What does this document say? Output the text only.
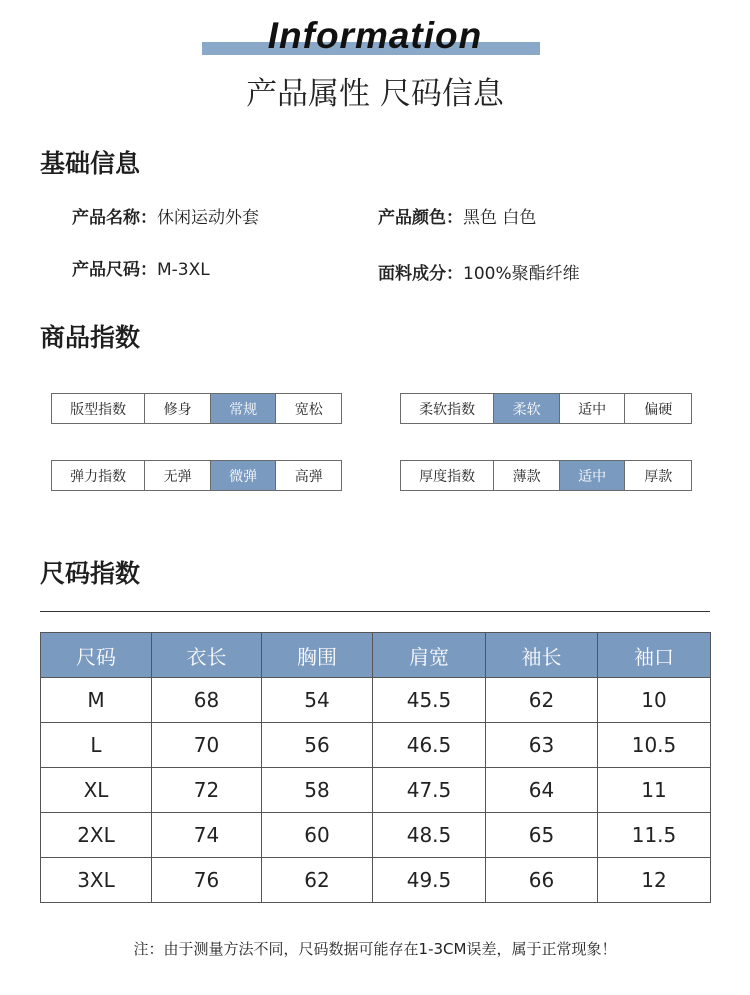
Information
产品属性 尺码信息
基础信息
产品名称：休闲运动外套	产品颜色：黑色 白色
产品尺码：M-3XL	面料成分：100%聚酯纤维
商品指数
版型指数	修身	常规	宽松	柔软指数	柔软	适中	偏硬
弹力指数	无弹	微弹	高弹	厚度指数	薄款	适中	厚款
尺码指数
尺码	衣长	胸围	肩宽	袖长	袖口
M	68	54	45.5	62	10
L	70	56	46.5	63	10.5
XL	72	58	47.5	64	11
2XL	74	60	48.5	65	11.5
3XL	76	62	49.5	66	12
注：由于测量方法不同，尺码数据可能存在1-3CM误差，属于正常现象！
